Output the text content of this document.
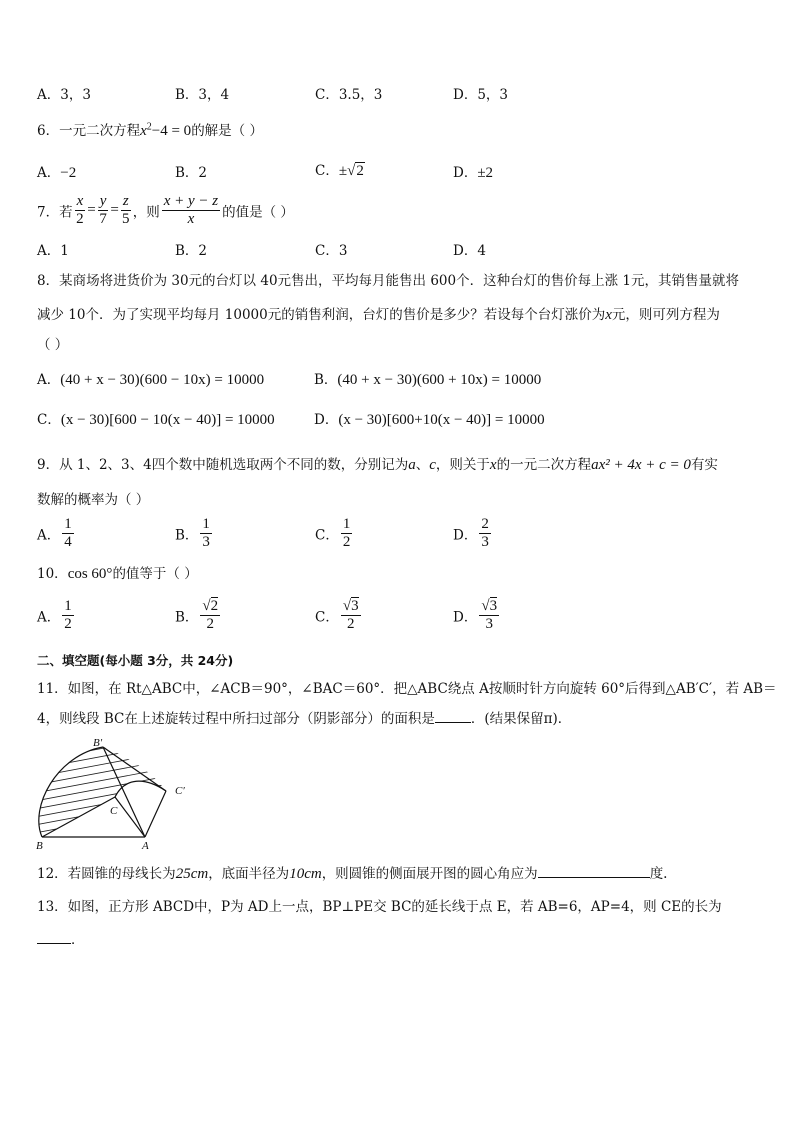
A．3，3	B．3，4	C．3.5，3	D．5，3
6．一元二次方程$x^2-4 = 0$的解是（ ）
A．−2	B．2	C．±√2	D．±2
7．若 $\frac{x}{2} = \frac{y}{7} = \frac{z}{5}$ ，则 $\frac{x + y - z}{x}$ 的值是（ ）
A．1	B．2	C．3	D．4
8．某商场将进货价为 30元的台灯以 40元售出，平均每月能售出 600个．这种台灯的售价每上涨 1元，其销售量就将
减少 10个．为了实现平均每月 10000元的销售利润，台灯的售价是多少？若设每个台灯涨价为x元，则可列方程为
（ ）
A．(40 + x − 30)(600 − 10x) = 10000	B．(40 + x − 30)(600 + 10x) = 10000
C．(x − 30)[600 − 10(x − 40)] = 10000	D．(x − 30)[600+10(x − 40)] = 10000
9．从 1、2、3、4四个数中随机选取两个不同的数，分别记为a、c，则关于x的一元二次方程ax² + 4x + c = 0有实
数解的概率为（ ）
A． $\frac{1}{4}$	B． $\frac{1}{3}$	C． $\frac{1}{2}$	D． $\frac{2}{3}$
10．cos 60°的值等于（ ）
A． $\frac{1}{2}$	B． $\frac{√2}{2}$	C． $\frac{√3}{2}$	D． $\frac{√3}{3}$
二、填空题(每小题 3分，共 24分)
11．如图，在 Rt△ABC中，∠ACB＝90°，∠BAC＝60°．把△ABC绕点 A按顺时针方向旋转 60°后得到△AB′C′，若 AB＝
4，则线段 BC在上述旋转过程中所扫过部分（阴影部分）的面积是	．(结果保留π)．
B′
C′
C
B	A
12．若圆锥的母线长为25cm，底面半径为10cm，则圆锥的侧面展开图的圆心角应为	度.
13．如图，正方形 ABCD中，P为 AD上一点，BP⊥PE交 BC的延长线于点 E，若 AB=6，AP=4，则 CE的长为
．
